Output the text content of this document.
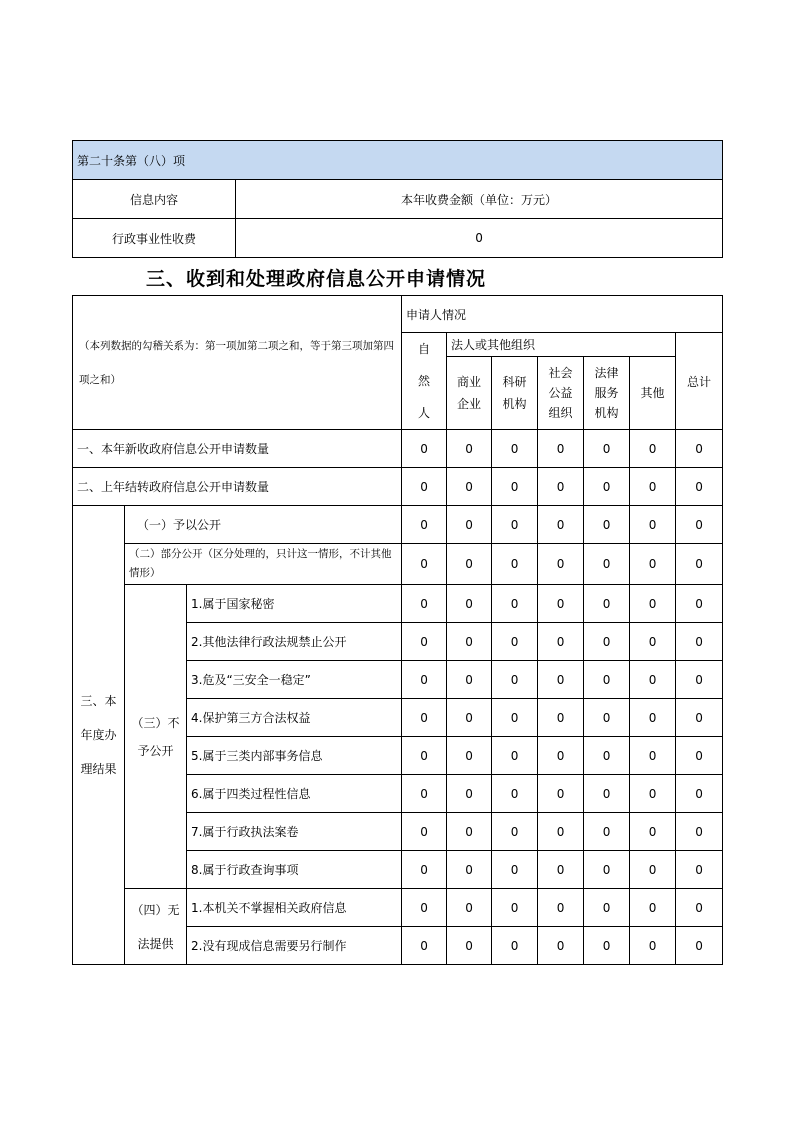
第二十条第（八）项	
信息内容	本年收费金额（单位：万元）
行政事业性收费	0
三、收到和处理政府信息公开申请情况
（本列数据的勾稽关系为：第一项加第二项之和，等于第三项加第四项之和）			申请人情况						
			自然人	法人或其他组织					总计
				商业企业	科研机构	社会公益组织	法律服务机构	其他	
一、本年新收政府信息公开申请数量			0	0	0	0	0	0	0
二、上年结转政府信息公开申请数量			0	0	0	0	0	0	0
三、本年度办理结果	（一）予以公开		0	0	0	0	0	0	0
	（二）部分公开（区分处理的，只计这一情形，不计其他情形）		0	0	0	0	0	0	0
	（三）不予公开	1.属于国家秘密	0	0	0	0	0	0	0
		2.其他法律行政法规禁止公开	0	0	0	0	0	0	0
		3.危及“三安全一稳定”	0	0	0	0	0	0	0
		4.保护第三方合法权益	0	0	0	0	0	0	0
		5.属于三类内部事务信息	0	0	0	0	0	0	0
		6.属于四类过程性信息	0	0	0	0	0	0	0
		7.属于行政执法案卷	0	0	0	0	0	0	0
		8.属于行政查询事项	0	0	0	0	0	0	0
	（四）无法提供	1.本机关不掌握相关政府信息	0	0	0	0	0	0	0
		2.没有现成信息需要另行制作	0	0	0	0	0	0	0
